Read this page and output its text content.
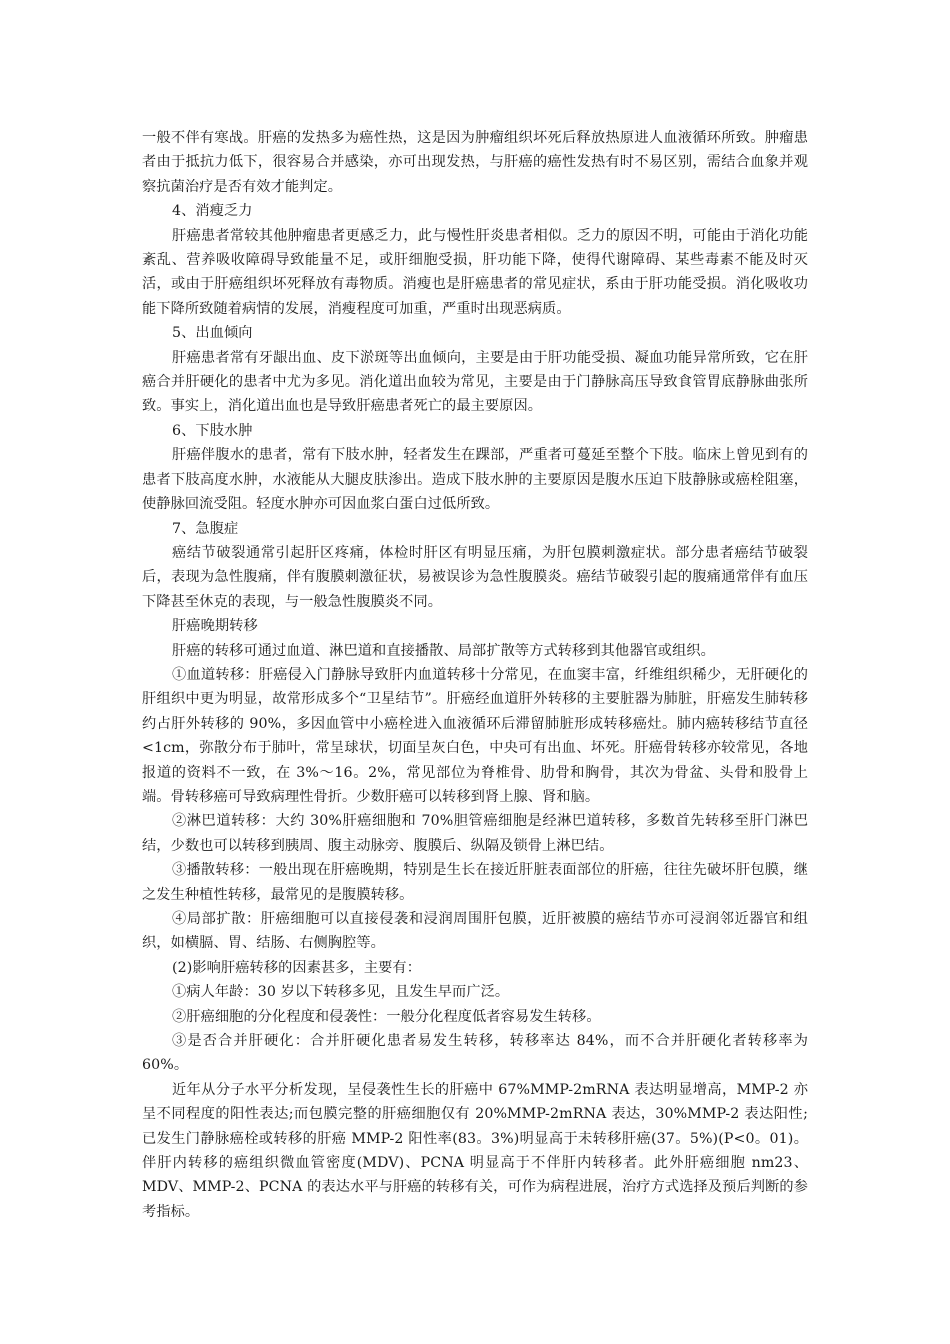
一般不伴有寒战。肝癌的发热多为癌性热，这是因为肿瘤组织坏死后释放热原进人血液循环所致。肿瘤患者由于抵抗力低下，很容易合并感染，亦可出现发热，与肝癌的癌性发热有时不易区别，需结合血象并观察抗菌治疗是否有效才能判定。

4、消瘦乏力

肝癌患者常较其他肿瘤患者更感乏力，此与慢性肝炎患者相似。乏力的原因不明，可能由于消化功能紊乱、营养吸收障碍导致能量不足，或肝细胞受损，肝功能下降，使得代谢障碍、某些毒素不能及时灭活，或由于肝癌组织坏死释放有毒物质。消瘦也是肝癌患者的常见症状，系由于肝功能受损。消化吸收功能下降所致随着病情的发展，消瘦程度可加重，严重时出现恶病质。

5、出血倾向

肝癌患者常有牙龈出血、皮下淤斑等出血倾向，主要是由于肝功能受损、凝血功能异常所致，它在肝癌合并肝硬化的患者中尤为多见。消化道出血较为常见，主要是由于门静脉高压导致食管胃底静脉曲张所致。事实上，消化道出血也是导致肝癌患者死亡的最主要原因。

6、下肢水肿

肝癌伴腹水的患者，常有下肢水肿，轻者发生在踝部，严重者可蔓延至整个下肢。临床上曾见到有的患者下肢高度水肿，水液能从大腿皮肤渗出。造成下肢水肿的主要原因是腹水压迫下肢静脉或癌栓阻塞，使静脉回流受阻。轻度水肿亦可因血浆白蛋白过低所致。

7、急腹症

癌结节破裂通常引起肝区疼痛，体检时肝区有明显压痛，为肝包膜刺激症状。部分患者癌结节破裂后，表现为急性腹痛，伴有腹膜刺激征状，易被误诊为急性腹膜炎。癌结节破裂引起的腹痛通常伴有血压下降甚至休克的表现，与一般急性腹膜炎不同。

肝癌晚期转移

肝癌的转移可通过血道、淋巴道和直接播散、局部扩散等方式转移到其他器官或组织。

①血道转移：肝癌侵入门静脉导致肝内血道转移十分常见，在血窦丰富，纤维组织稀少，无肝硬化的肝组织中更为明显，故常形成多个“卫星结节”。肝癌经血道肝外转移的主要脏器为肺脏，肝癌发生肺转移约占肝外转移的 90%，多因血管中小癌栓进入血液循环后滞留肺脏形成转移癌灶。肺内癌转移结节直径<1cm，弥散分布于肺叶，常呈球状，切面呈灰白色，中央可有出血、坏死。肝癌骨转移亦较常见，各地报道的资料不一致，在 3%～16。2%，常见部位为脊椎骨、肋骨和胸骨，其次为骨盆、头骨和股骨上端。骨转移癌可导致病理性骨折。少数肝癌可以转移到肾上腺、肾和脑。

②淋巴道转移：大约 30%肝癌细胞和 70%胆管癌细胞是经淋巴道转移，多数首先转移至肝门淋巴结，少数也可以转移到胰周、腹主动脉旁、腹膜后、纵隔及锁骨上淋巴结。

③播散转移：一般出现在肝癌晚期，特别是生长在接近肝脏表面部位的肝癌，往往先破坏肝包膜，继之发生种植性转移，最常见的是腹膜转移。

④局部扩散：肝癌细胞可以直接侵袭和浸润周围肝包膜，近肝被膜的癌结节亦可浸润邻近器官和组织，如横膈、胃、结肠、右侧胸腔等。

(2)影响肝癌转移的因素甚多，主要有：

①病人年龄：30 岁以下转移多见，且发生早而广泛。

②肝癌细胞的分化程度和侵袭性：一般分化程度低者容易发生转移。

③是否合并肝硬化：合并肝硬化患者易发生转移，转移率达 84%，而不合并肝硬化者转移率为 60%。

近年从分子水平分析发现，呈侵袭性生长的肝癌中 67%MMP-2mRNA 表达明显增高，MMP-2 亦呈不同程度的阳性表达;而包膜完整的肝癌细胞仅有 20%MMP-2mRNA 表达，30%MMP-2 表达阳性;已发生门静脉癌栓或转移的肝癌 MMP-2 阳性率(83。3%)明显高于未转移肝癌(37。5%)(P<0。01)。伴肝内转移的癌组织微血管密度(MDV)、PCNA 明显高于不伴肝内转移者。此外肝癌细胞 nm23、MDV、MMP-2、PCNA 的表达水平与肝癌的转移有关，可作为病程进展，治疗方式选择及预后判断的参考指标。
